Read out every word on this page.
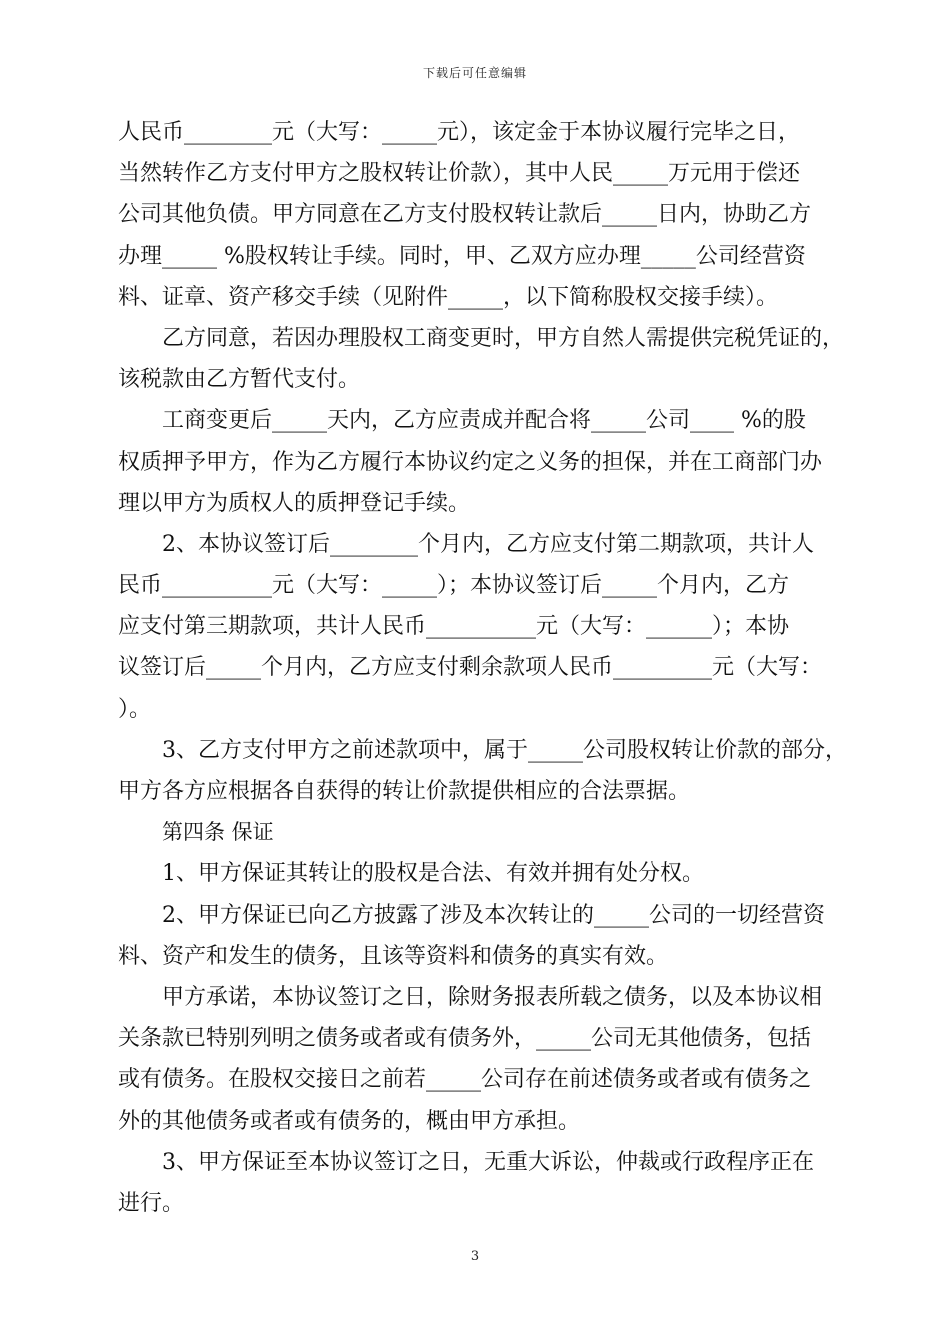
下载后可任意编辑
人民币________元（大写：_____元），该定金于本协议履行完毕之日，
当然转作乙方支付甲方之股权转让价款），其中人民_____万元用于偿还
公司其他负债。甲方同意在乙方支付股权转让款后_____日内，协助乙方
办理_____ %股权转让手续。同时，甲、乙双方应办理_____公司经营资
料、证章、资产移交手续（见附件_____，以下简称股权交接手续）。
乙方同意，若因办理股权工商变更时，甲方自然人需提供完税凭证的，
该税款由乙方暂代支付。
工商变更后_____天内，乙方应责成并配合将_____公司____ %的股
权质押予甲方，作为乙方履行本协议约定之义务的担保，并在工商部门办
理以甲方为质权人的质押登记手续。
2、本协议签订后________个月内，乙方应支付第二期款项，共计人
民币__________元（大写：_____）；本协议签订后_____个月内，乙方
应支付第三期款项，共计人民币__________元（大写：______）；本协
议签订后_____个月内，乙方应支付剩余款项人民币_________元（大写：
）。
3、乙方支付甲方之前述款项中，属于_____公司股权转让价款的部分，
甲方各方应根据各自获得的转让价款提供相应的合法票据。
第四条 保证
1、甲方保证其转让的股权是合法、有效并拥有处分权。
2、甲方保证已向乙方披露了涉及本次转让的_____公司的一切经营资
料、资产和发生的债务，且该等资料和债务的真实有效。
甲方承诺，本协议签订之日，除财务报表所载之债务，以及本协议相
关条款已特别列明之债务或者或有债务外，_____公司无其他债务，包括
或有债务。在股权交接日之前若_____公司存在前述债务或者或有债务之
外的其他债务或者或有债务的，概由甲方承担。
3、甲方保证至本协议签订之日，无重大诉讼，仲裁或行政程序正在
进行。
3
